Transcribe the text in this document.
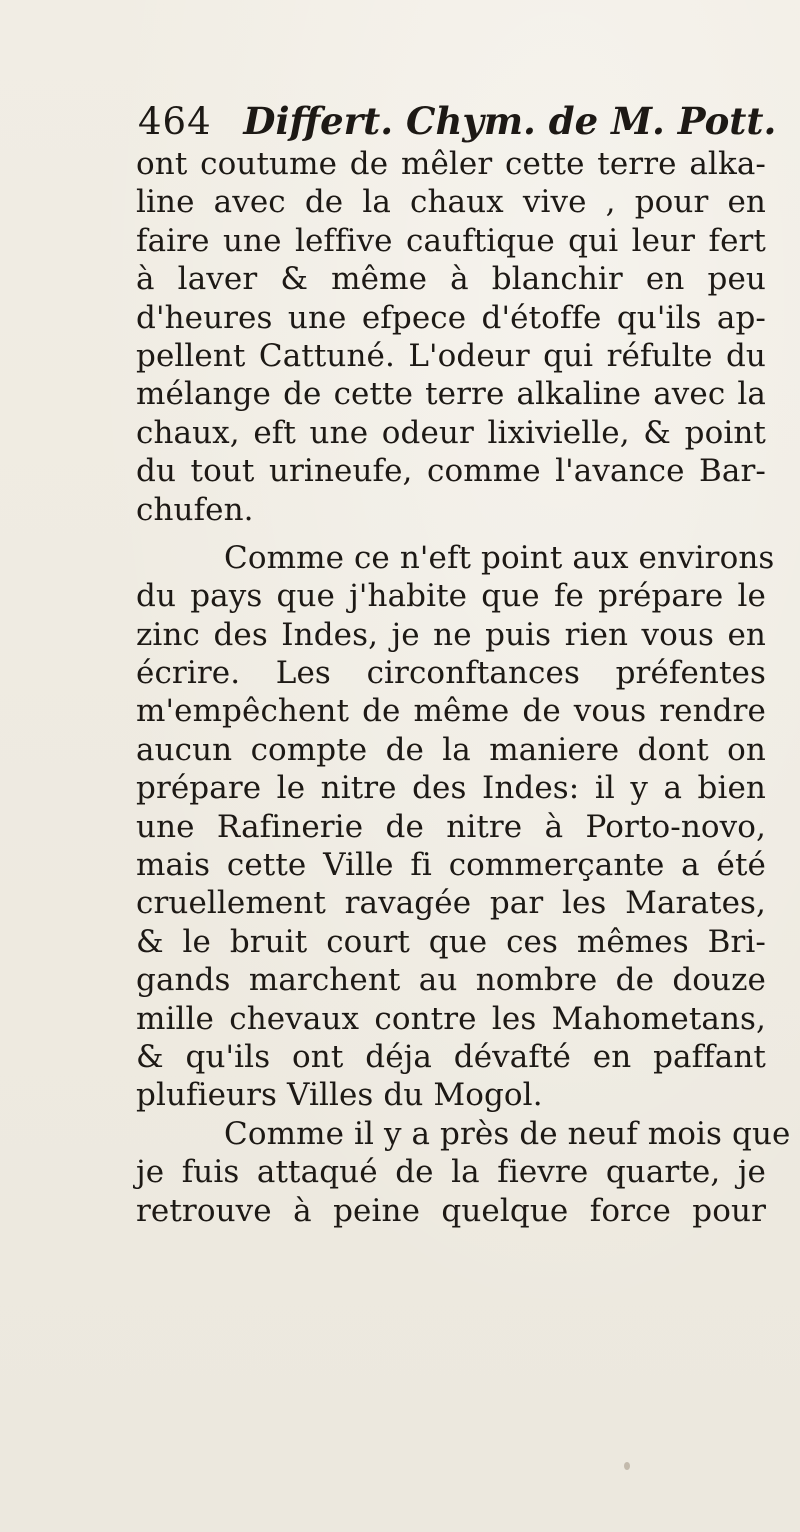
464 Differt. Chym. de M. Pott.
ont coutume de mêler cette terre alka-
line avec de la chaux vive , pour en
faire une leffive cauftique qui leur fert
à laver & même à blanchir en peu
d'heures une efpece d'étoffe qu'ils ap-
pellent Cattuné. L'odeur qui réfulte du
mélange de cette terre alkaline avec la
chaux, eft une odeur lixivielle, & point
du tout urineufe, comme l'avance Bar-
chufen.
Comme ce n'eft point aux environs
du pays que j'habite que fe prépare le
zinc des Indes, je ne puis rien vous en
écrire. Les circonftances préfentes
m'empêchent de même de vous rendre
aucun compte de la maniere dont on
prépare le nitre des Indes: il y a bien
une Rafinerie de nitre à Porto-novo,
mais cette Ville fi commerçante a été
cruellement ravagée par les Marates,
& le bruit court que ces mêmes Bri-
gands marchent au nombre de douze
mille chevaux contre les Mahometans,
& qu'ils ont déja dévafté en paffant
plufieurs Villes du Mogol.
Comme il y a près de neuf mois que
je fuis attaqué de la fievre quarte, je
retrouve à peine quelque force pour
